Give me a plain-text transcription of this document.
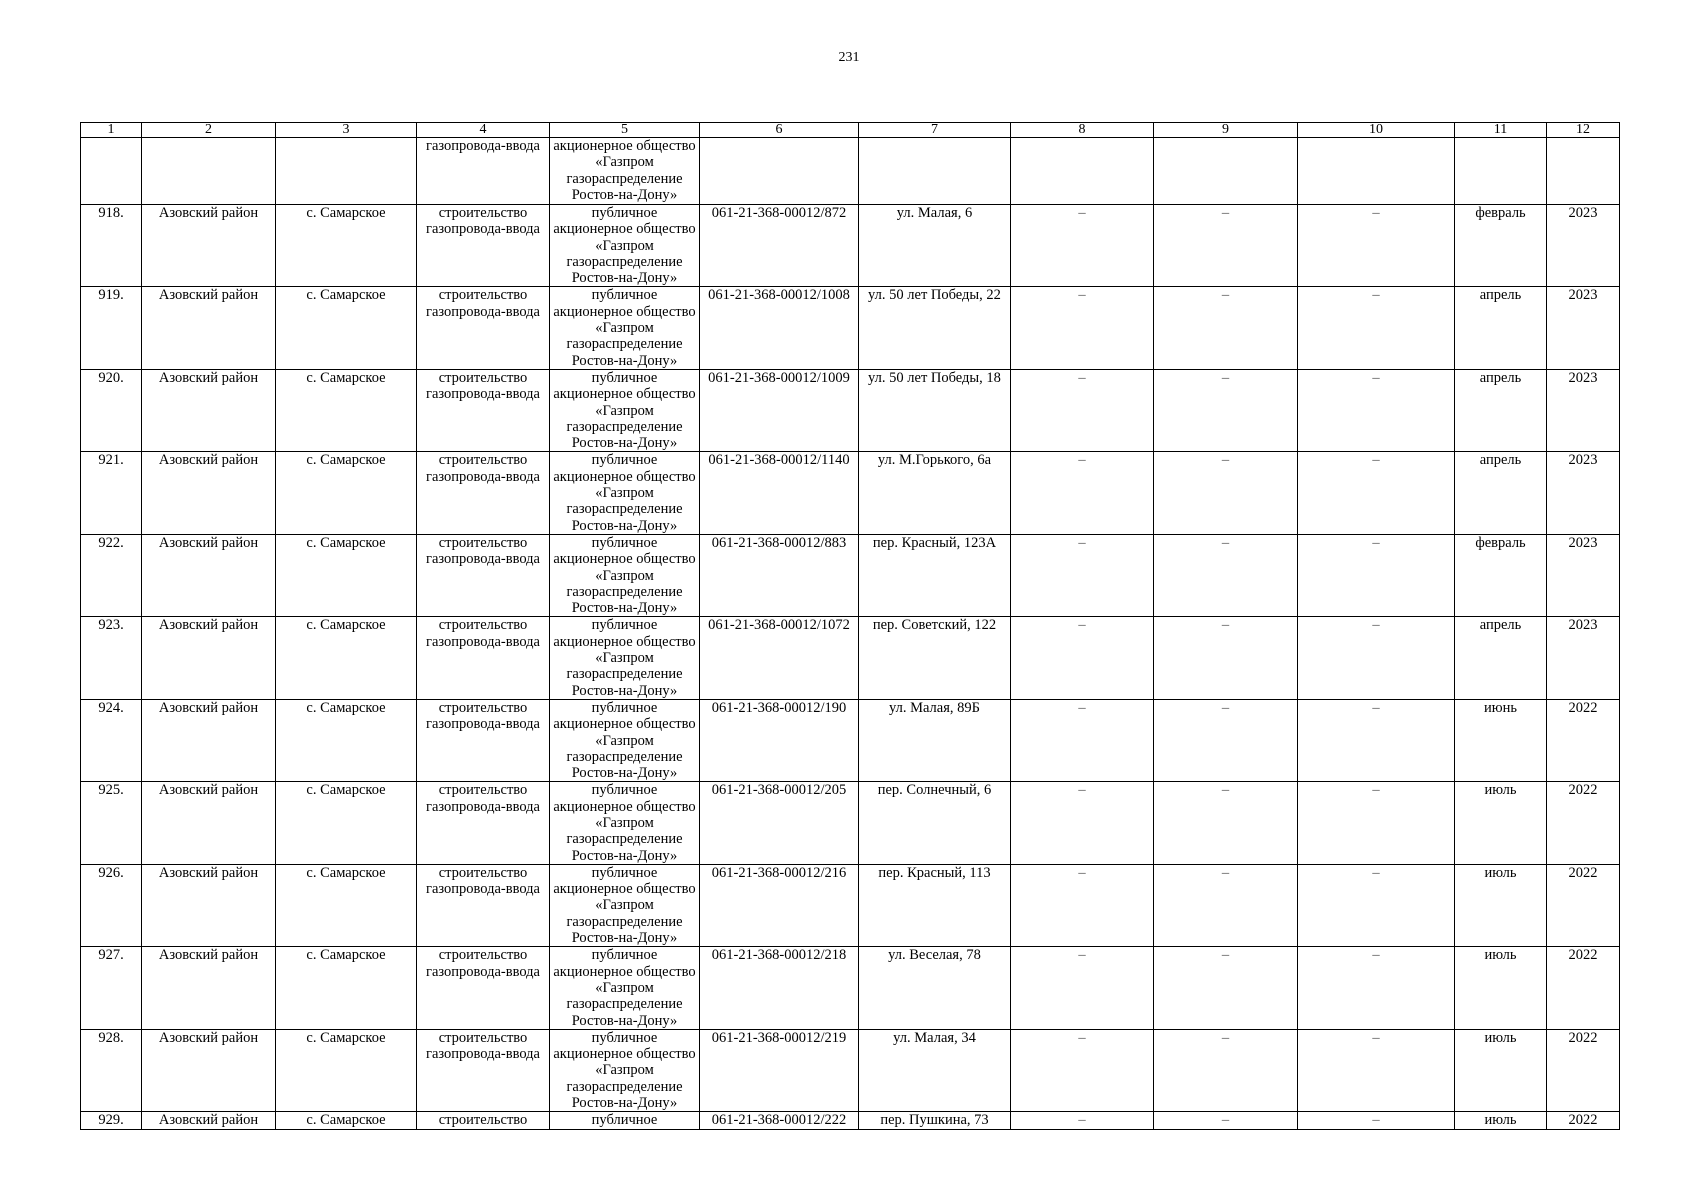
231
1	2	3	4	5	6	7	8	9	10	11	12
			газопровода-ввода	акционерное общество «Газпром газораспределение Ростов-на-Дону»							
918.	Азовский район	с. Самарское	строительство газопровода-ввода	публичное акционерное общество «Газпром газораспределение Ростов-на-Дону»	061-21-368-00012/872	ул. Малая, 6	–	–	–	февраль	2023
919.	Азовский район	с. Самарское	строительство газопровода-ввода	публичное акционерное общество «Газпром газораспределение Ростов-на-Дону»	061-21-368-00012/1008	ул. 50 лет Победы, 22	–	–	–	апрель	2023
920.	Азовский район	с. Самарское	строительство газопровода-ввода	публичное акционерное общество «Газпром газораспределение Ростов-на-Дону»	061-21-368-00012/1009	ул. 50 лет Победы, 18	–	–	–	апрель	2023
921.	Азовский район	с. Самарское	строительство газопровода-ввода	публичное акционерное общество «Газпром газораспределение Ростов-на-Дону»	061-21-368-00012/1140	ул. М.Горького, 6а	–	–	–	апрель	2023
922.	Азовский район	с. Самарское	строительство газопровода-ввода	публичное акционерное общество «Газпром газораспределение Ростов-на-Дону»	061-21-368-00012/883	пер. Красный, 123А	–	–	–	февраль	2023
923.	Азовский район	с. Самарское	строительство газопровода-ввода	публичное акционерное общество «Газпром газораспределение Ростов-на-Дону»	061-21-368-00012/1072	пер. Советский, 122	–	–	–	апрель	2023
924.	Азовский район	с. Самарское	строительство газопровода-ввода	публичное акционерное общество «Газпром газораспределение Ростов-на-Дону»	061-21-368-00012/190	ул. Малая, 89Б	–	–	–	июнь	2022
925.	Азовский район	с. Самарское	строительство газопровода-ввода	публичное акционерное общество «Газпром газораспределение Ростов-на-Дону»	061-21-368-00012/205	пер. Солнечный, 6	–	–	–	июль	2022
926.	Азовский район	с. Самарское	строительство газопровода-ввода	публичное акционерное общество «Газпром газораспределение Ростов-на-Дону»	061-21-368-00012/216	пер. Красный, 113	–	–	–	июль	2022
927.	Азовский район	с. Самарское	строительство газопровода-ввода	публичное акционерное общество «Газпром газораспределение Ростов-на-Дону»	061-21-368-00012/218	ул. Веселая, 78	–	–	–	июль	2022
928.	Азовский район	с. Самарское	строительство газопровода-ввода	публичное акционерное общество «Газпром газораспределение Ростов-на-Дону»	061-21-368-00012/219	ул. Малая, 34	–	–	–	июль	2022
929.	Азовский район	с. Самарское	строительство	публичное	061-21-368-00012/222	пер. Пушкина, 73	–	–	–	июль	2022
